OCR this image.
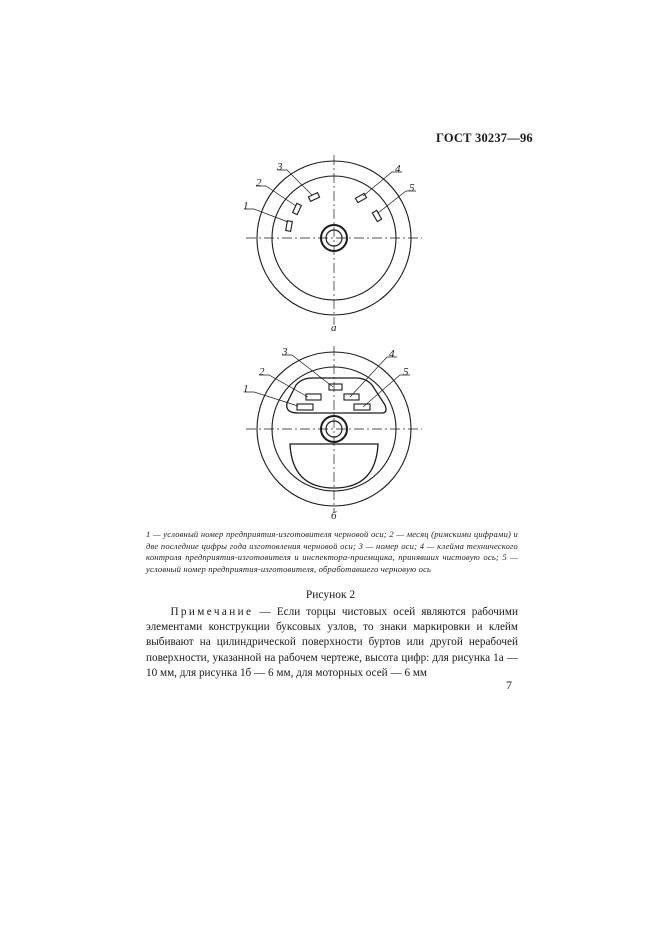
ГОСТ 30237—96
1
2
3	4
5
а
1
2
3	4
5
б

1 — условный номер предприятия-изготовителя черновой оси; 2 — месяц (римскими цифрами) и две последние цифры года изготовления черновой оси; 3 — номер оси; 4 — клейма технического контроля предприятия-изготовителя и инспектора-приемщика, принявших чистовую ось; 5 — условный номер предприятия-изготовителя, обработавшего черновую ось

Рисунок 2
Примечание — Если торцы чистовых осей являются рабочими элементами конструкции буксовых узлов, то знаки маркировки и клейм выбивают на цилиндрической поверхности буртов или другой нерабочей поверхности, указанной на рабочем чертеже, высота цифр: для рисунка 1а — 10 мм, для рисунка 1б — 6 мм, для моторных осей — 6 мм
7
